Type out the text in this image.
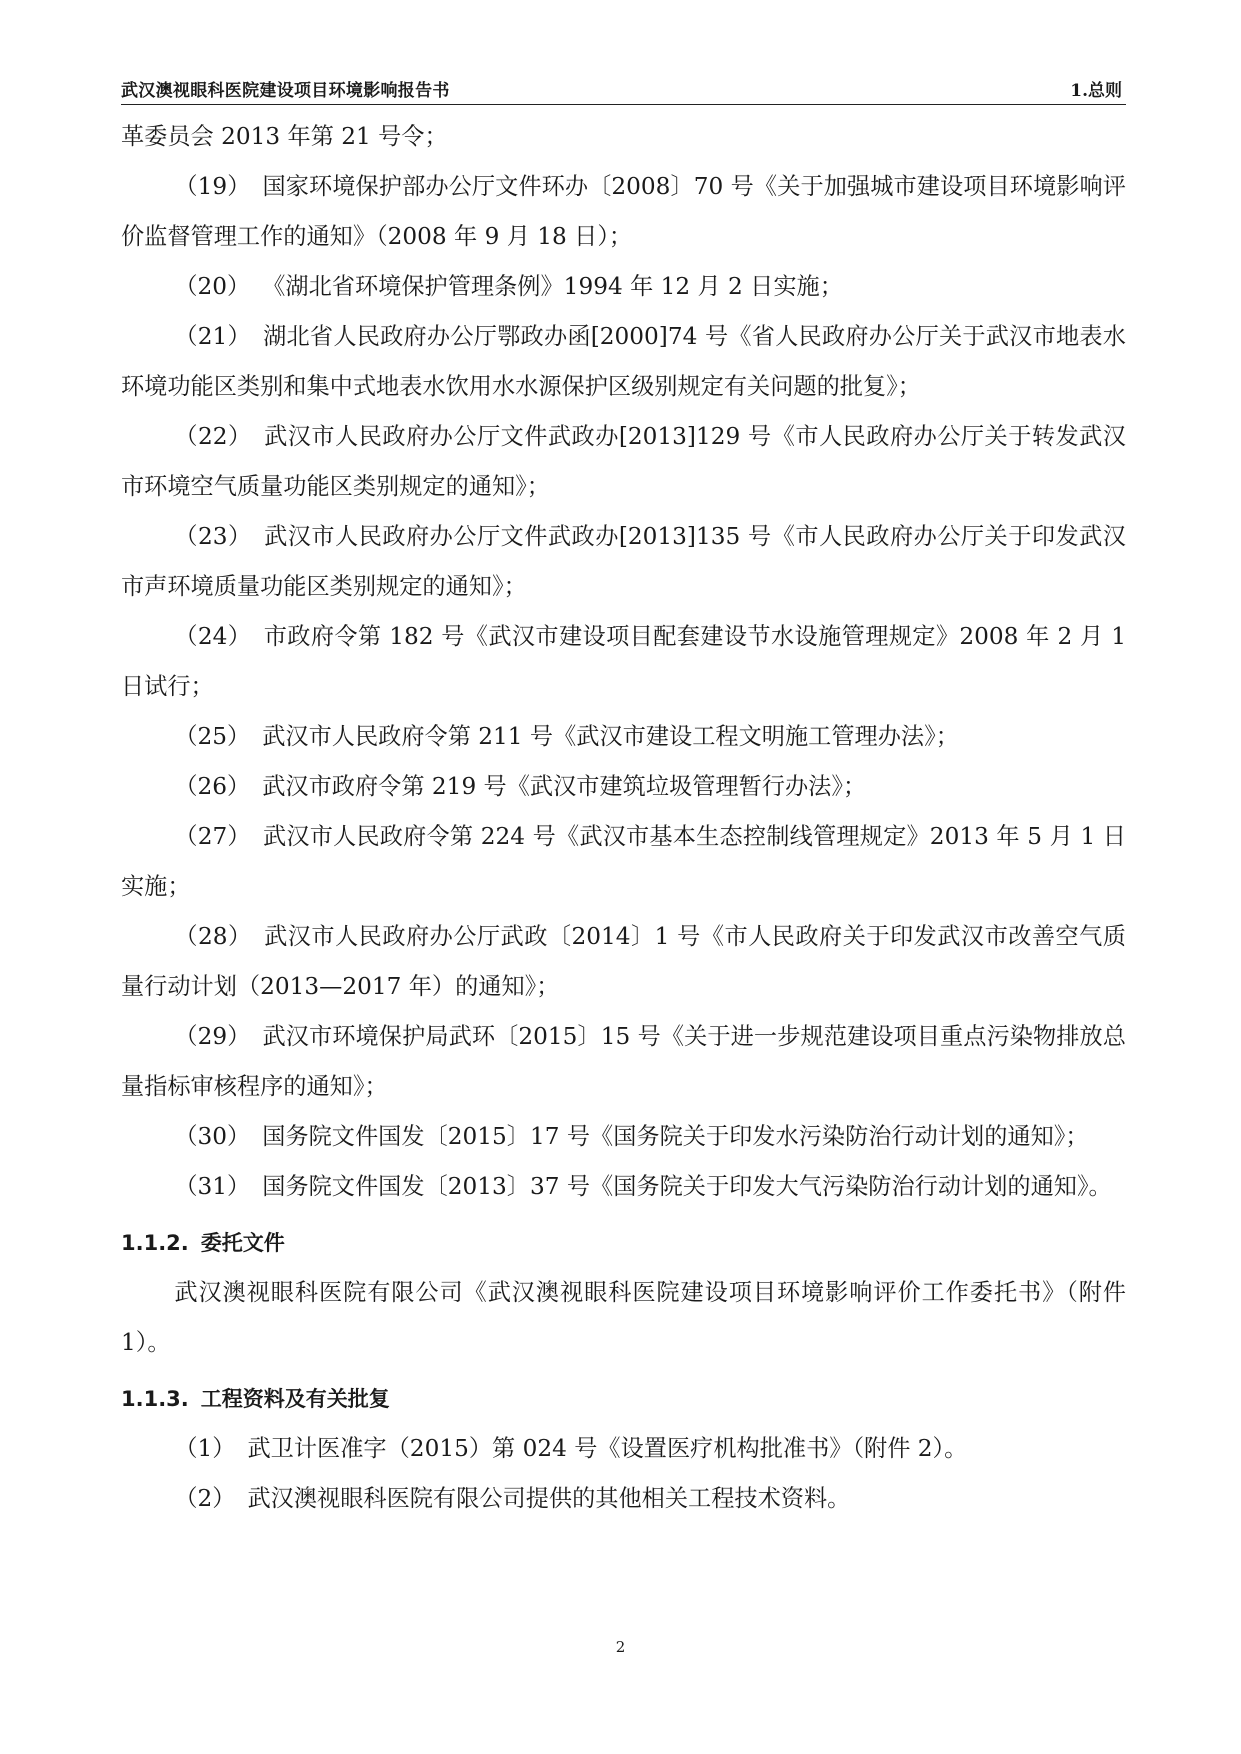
武汉澳视眼科医院建设项目环境影响报告书	1.总则

革委员会 2013 年第 21 号令；

（19） 国家环境保护部办公厅文件环办〔2008〕70 号《关于加强城市建设项目环境影响评价监督管理工作的通知》（2008 年 9 月 18 日）；

（20） 《湖北省环境保护管理条例》1994 年 12 月 2 日实施；

（21） 湖北省人民政府办公厅鄂政办函[2000]74 号《省人民政府办公厅关于武汉市地表水环境功能区类别和集中式地表水饮用水水源保护区级别规定有关问题的批复》；

（22） 武汉市人民政府办公厅文件武政办[2013]129 号《市人民政府办公厅关于转发武汉市环境空气质量功能区类别规定的通知》；

（23） 武汉市人民政府办公厅文件武政办[2013]135 号《市人民政府办公厅关于印发武汉市声环境质量功能区类别规定的通知》；

（24） 市政府令第 182 号《武汉市建设项目配套建设节水设施管理规定》2008 年 2 月 1 日试行；

（25） 武汉市人民政府令第 211 号《武汉市建设工程文明施工管理办法》；

（26） 武汉市政府令第 219 号《武汉市建筑垃圾管理暂行办法》；

（27） 武汉市人民政府令第 224 号《武汉市基本生态控制线管理规定》2013 年 5 月 1 日实施；

（28） 武汉市人民政府办公厅武政〔2014〕1 号《市人民政府关于印发武汉市改善空气质量行动计划（2013—2017 年）的通知》；

（29） 武汉市环境保护局武环〔2015〕15 号《关于进一步规范建设项目重点污染物排放总量指标审核程序的通知》；

（30） 国务院文件国发〔2015〕17 号《国务院关于印发水污染防治行动计划的通知》；

（31） 国务院文件国发〔2013〕37 号《国务院关于印发大气污染防治行动计划的通知》。

1.1.2. 委托文件

武汉澳视眼科医院有限公司《武汉澳视眼科医院建设项目环境影响评价工作委托书》（附件 1）。

1.1.3. 工程资料及有关批复

（1） 武卫计医准字（2015）第 024 号《设置医疗机构批准书》（附件 2）。

（2） 武汉澳视眼科医院有限公司提供的其他相关工程技术资料。

2
